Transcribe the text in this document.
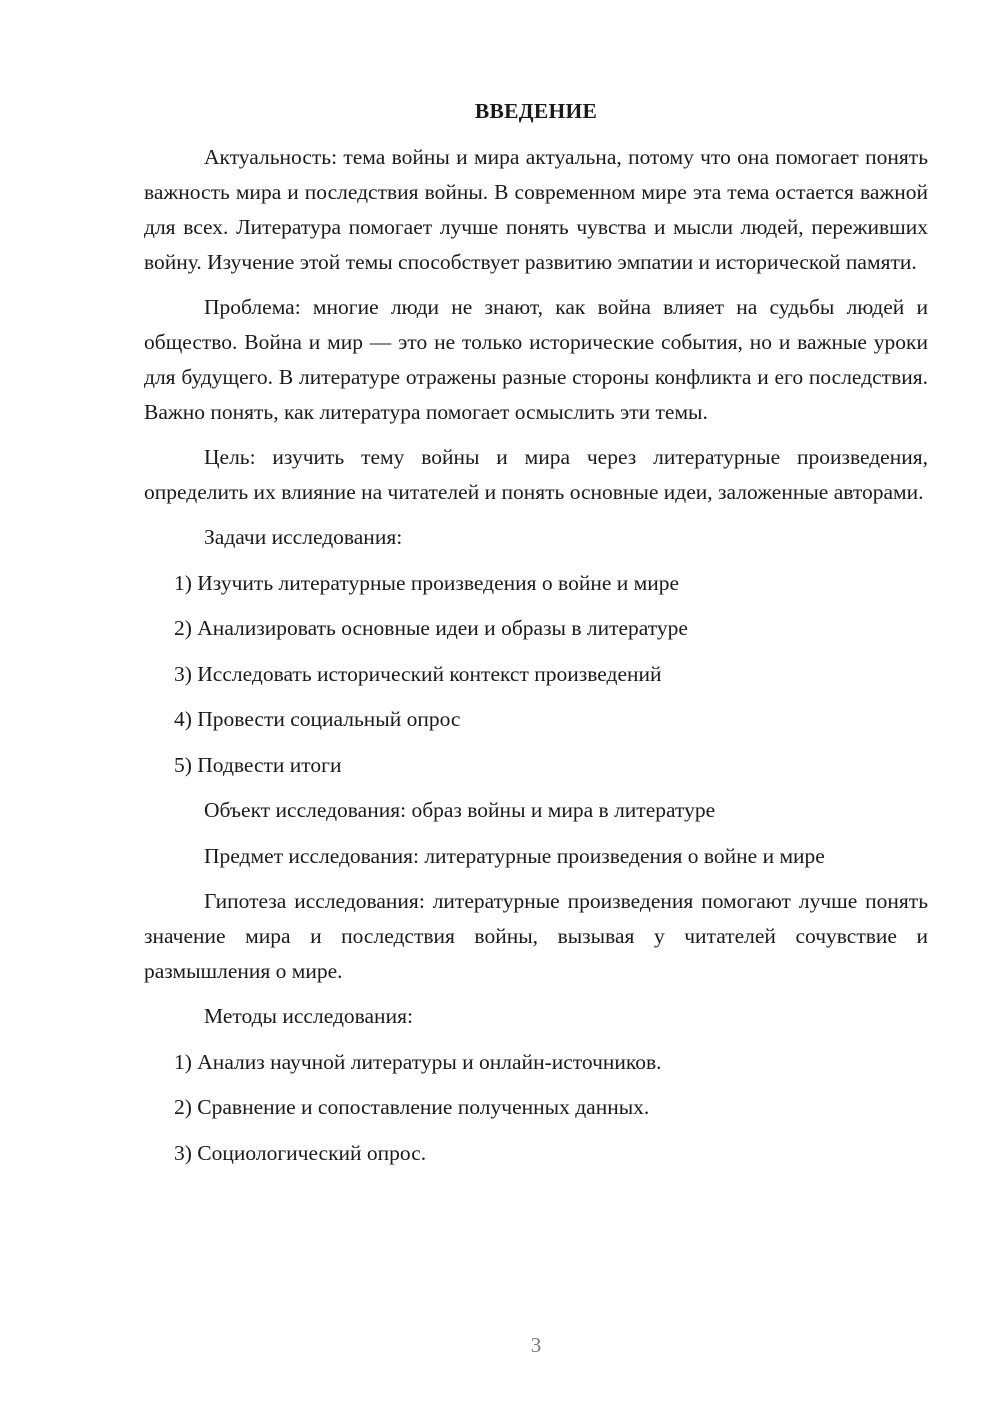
ВВЕДЕНИЕ

Актуальность: тема войны и мира актуальна, потому что она помогает понять важность мира и последствия войны. В современном мире эта тема остается важной для всех. Литература помогает лучше понять чувства и мысли людей, переживших войну. Изучение этой темы способствует развитию эмпатии и исторической памяти.

Проблема: многие люди не знают, как война влияет на судьбы людей и общество. Война и мир — это не только исторические события, но и важные уроки для будущего. В литературе отражены разные стороны конфликта и его последствия. Важно понять, как литература помогает осмыслить эти темы.

Цель: изучить тему войны и мира через литературные произведения, определить их влияние на читателей и понять основные идеи, заложенные авторами.

Задачи исследования:
1) Изучить литературные произведения о войне и мире
2) Анализировать основные идеи и образы в литературе
3) Исследовать исторический контекст произведений
4) Провести социальный опрос
5) Подвести итоги
Объект исследования: образ войны и мира в литературе
Предмет исследования: литературные произведения о войне и мире

Гипотеза исследования: литературные произведения помогают лучше понять значение мира и последствия войны, вызывая у читателей сочувствие и размышления о мире.

Методы исследования:
1) Анализ научной литературы и онлайн-источников.
2) Сравнение и сопоставление полученных данных.
3) Социологический опрос.
3
